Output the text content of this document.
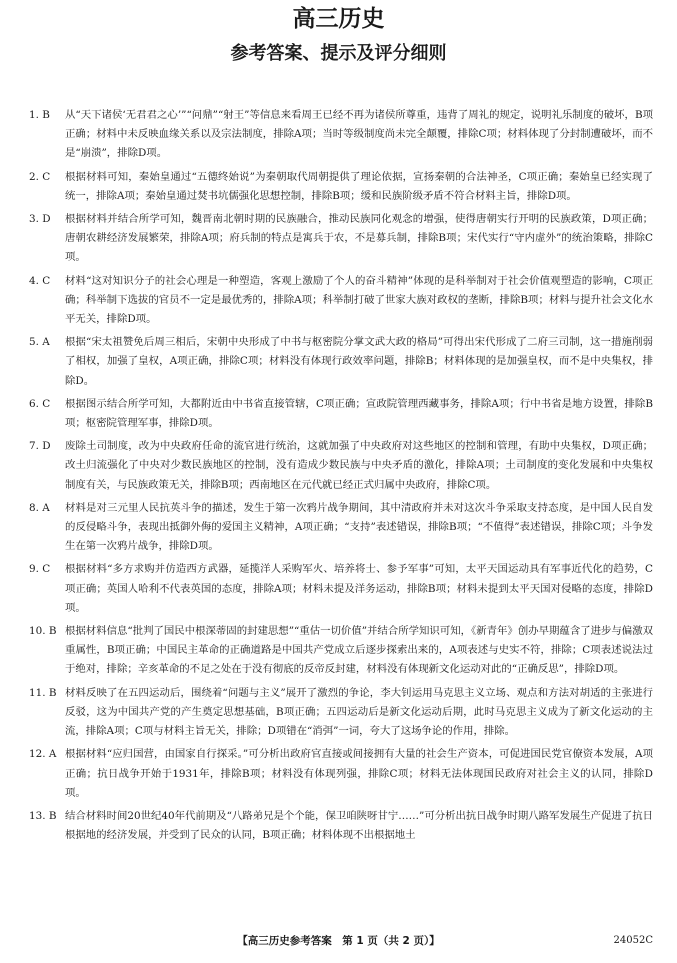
高三历史
参考答案、提示及评分细则
1. B	从“天下诸侯‘无君君之心’”“问鼎”“射王”等信息来看周王已经不再为诸侯所尊重，违背了周礼的规定，说明礼乐制度的破坏，B项正确；材料中未反映血缘关系以及宗法制度，排除A项；当时等级制度尚未完全颠覆，排除C项；材料体现了分封制遭破坏，而不是“崩溃”，排除D项。
2. C	根据材料可知，秦始皇通过“五德终始说”为秦朝取代周朝提供了理论依据，宣扬秦朝的合法神圣，C项正确；秦始皇已经实现了统一，排除A项；秦始皇通过焚书坑儒强化思想控制，排除B项；缓和民族阶级矛盾不符合材料主旨，排除D项。
3. D	根据材料并结合所学可知，魏晋南北朝时期的民族融合，推动民族同化观念的增强，使得唐朝实行开明的民族政策，D项正确；唐朝农耕经济发展繁荣，排除A项；府兵制的特点是寓兵于农，不是募兵制，排除B项；宋代实行“守内虚外”的统治策略，排除C项。
4. C	材料“这对知识分子的社会心理是一种塑造，客观上激励了个人的奋斗精神”体现的是科举制对于社会价值观塑造的影响，C项正确；科举制下选拔的官员不一定是最优秀的，排除A项；科举制打破了世家大族对政权的垄断，排除B项；材料与提升社会文化水平无关，排除D项。
5. A	根据“宋太祖赞免后周三相后，宋朝中央形成了中书与枢密院分掌文武大政的格局”可得出宋代形成了二府三司制，这一措施削弱了相权，加强了皇权，A项正确，排除C项；材料没有体现行政效率问题，排除B；材料体现的是加强皇权，而不是中央集权，排除D。
6. C	根据图示结合所学可知，大都附近由中书省直接管辖，C项正确；宣政院管理西藏事务，排除A项；行中书省是地方设置，排除B项；枢密院管理军事，排除D项。
7. D	废除土司制度，改为中央政府任命的流官进行统治，这就加强了中央政府对这些地区的控制和管理，有助中央集权，D项正确；改土归流强化了中央对少数民族地区的控制，没有造成少数民族与中央矛盾的激化，排除A项；土司制度的变化发展和中央集权制度有关，与民族政策无关，排除B项；西南地区在元代就已经正式归属中央政府，排除C项。
8. A	材料是对三元里人民抗英斗争的描述，发生于第一次鸦片战争期间，其中清政府并未对这次斗争采取支持态度，是中国人民自发的反侵略斗争，表现出抵御外侮的爱国主义精神，A项正确；“支持”表述错误，排除B项；“不值得”表述错误，排除C项；斗争发生在第一次鸦片战争，排除D项。
9. C	根据材料“多方求购并仿造西方武器，延揽洋人采购军火、培养将士、参予军事”可知，太平天国运动具有军事近代化的趋势，C项正确；英国人哈利不代表英国的态度，排除A项；材料未提及洋务运动，排除B项；材料未提到太平天国对侵略的态度，排除D项。
10. B 根据材料信息“批判了国民中根深蒂固的封建思想”“重估一切价值”并结合所学知识可知，《新青年》创办早期蕴含了进步与偏激双重属性，B项正确；中国民主革命的正确道路是中国共产党成立后逐步探索出来的，A项表述与史实不符，排除；C项表述说法过于绝对，排除；辛亥革命的不足之处在于没有彻底的反帝反封建，材料没有体现新文化运动对此的“正确反思”，排除D项。
11. B 材料反映了在五四运动后，围绕着“问题与主义”展开了激烈的争论，李大钊运用马克思主义立场、观点和方法对胡适的主张进行反驳，这为中国共产党的产生奠定思想基础，B项正确；五四运动后是新文化运动后期，此时马克思主义成为了新文化运动的主流，排除A项；C项与材料主旨无关，排除；D项错在“消弭”一词，夸大了这场争论的作用，排除。
12. A 根据材料“应归国营，由国家自行探采。”可分析出政府官直接或间接拥有大量的社会生产资本，可促进国民党官僚资本发展，A项正确；抗日战争开始于1931年，排除B项；材料没有体现列强，排除C项；材料无法体现国民政府对社会主义的认同，排除D项。
13. B 结合材料时间20世纪40年代前期及“八路弟兄是个个能，保卫咱陕呀甘宁……”可分析出抗日战争时期八路军发展生产促进了抗日根据地的经济发展，并受到了民众的认同，B项正确；材料体现不出根据地土
【高三历史参考答案　第 1 页（共 2 页）】	24052C
